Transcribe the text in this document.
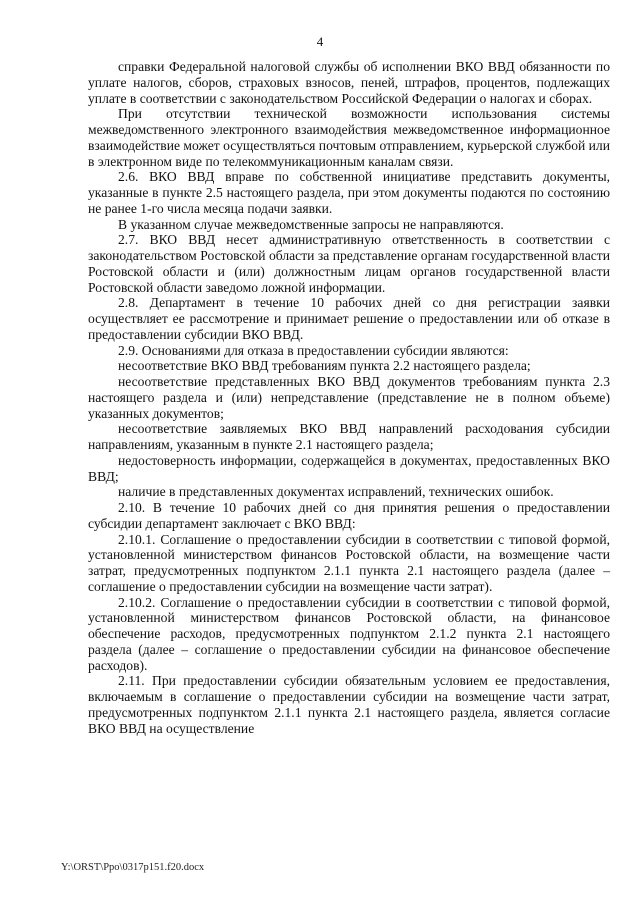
4

справки Федеральной налоговой службы об исполнении ВКО ВВД обязанности по уплате налогов, сборов, страховых взносов, пеней, штрафов, процентов, подлежащих уплате в соответствии с законодательством Российской Федерации о налогах и сборах.

При отсутствии технической возможности использования системы межведомственного электронного взаимодействия межведомственное информационное взаимодействие может осуществляться почтовым отправлением, курьерской службой или в электронном виде по телекоммуникационным каналам связи.

2.6. ВКО ВВД вправе по собственной инициативе представить документы, указанные в пункте 2.5 настоящего раздела, при этом документы подаются по состоянию не ранее 1-го числа месяца подачи заявки.

В указанном случае межведомственные запросы не направляются.

2.7. ВКО ВВД несет административную ответственность в соответствии с законодательством Ростовской области за представление органам государственной власти Ростовской области и (или) должностным лицам органов государственной власти Ростовской области заведомо ложной информации.

2.8. Департамент в течение 10 рабочих дней со дня регистрации заявки осуществляет ее рассмотрение и принимает решение о предоставлении или об отказе в предоставлении субсидии ВКО ВВД.

2.9. Основаниями для отказа в предоставлении субсидии являются:

несоответствие ВКО ВВД требованиям пункта 2.2 настоящего раздела;

несоответствие представленных ВКО ВВД документов требованиям пункта 2.3 настоящего раздела и (или) непредставление (представление не в полном объеме) указанных документов;

несоответствие заявляемых ВКО ВВД направлений расходования субсидии направлениям, указанным в пункте 2.1 настоящего раздела;

недостоверность информации, содержащейся в документах, предоставленных ВКО ВВД;

наличие в представленных документах исправлений, технических ошибок.

2.10. В течение 10 рабочих дней со дня принятия решения о предоставлении субсидии департамент заключает с ВКО ВВД:

2.10.1. Соглашение о предоставлении субсидии в соответствии с типовой формой, установленной министерством финансов Ростовской области, на возмещение части затрат, предусмотренных подпунктом 2.1.1 пункта 2.1 настоящего раздела (далее – соглашение о предоставлении субсидии на возмещение части затрат).

2.10.2. Соглашение о предоставлении субсидии в соответствии с типовой формой, установленной министерством финансов Ростовской области, на финансовое обеспечение расходов, предусмотренных подпунктом 2.1.2 пункта 2.1 настоящего раздела (далее – соглашение о предоставлении субсидии на финансовое обеспечение расходов).

2.11. При предоставлении субсидии обязательным условием ее предоставления, включаемым в соглашение о предоставлении субсидии на возмещение части затрат, предусмотренных подпунктом 2.1.1 пункта 2.1 настоящего раздела, является согласие ВКО ВВД на осуществление

Y:\ORST\Ppo\0317p151.f20.docx
